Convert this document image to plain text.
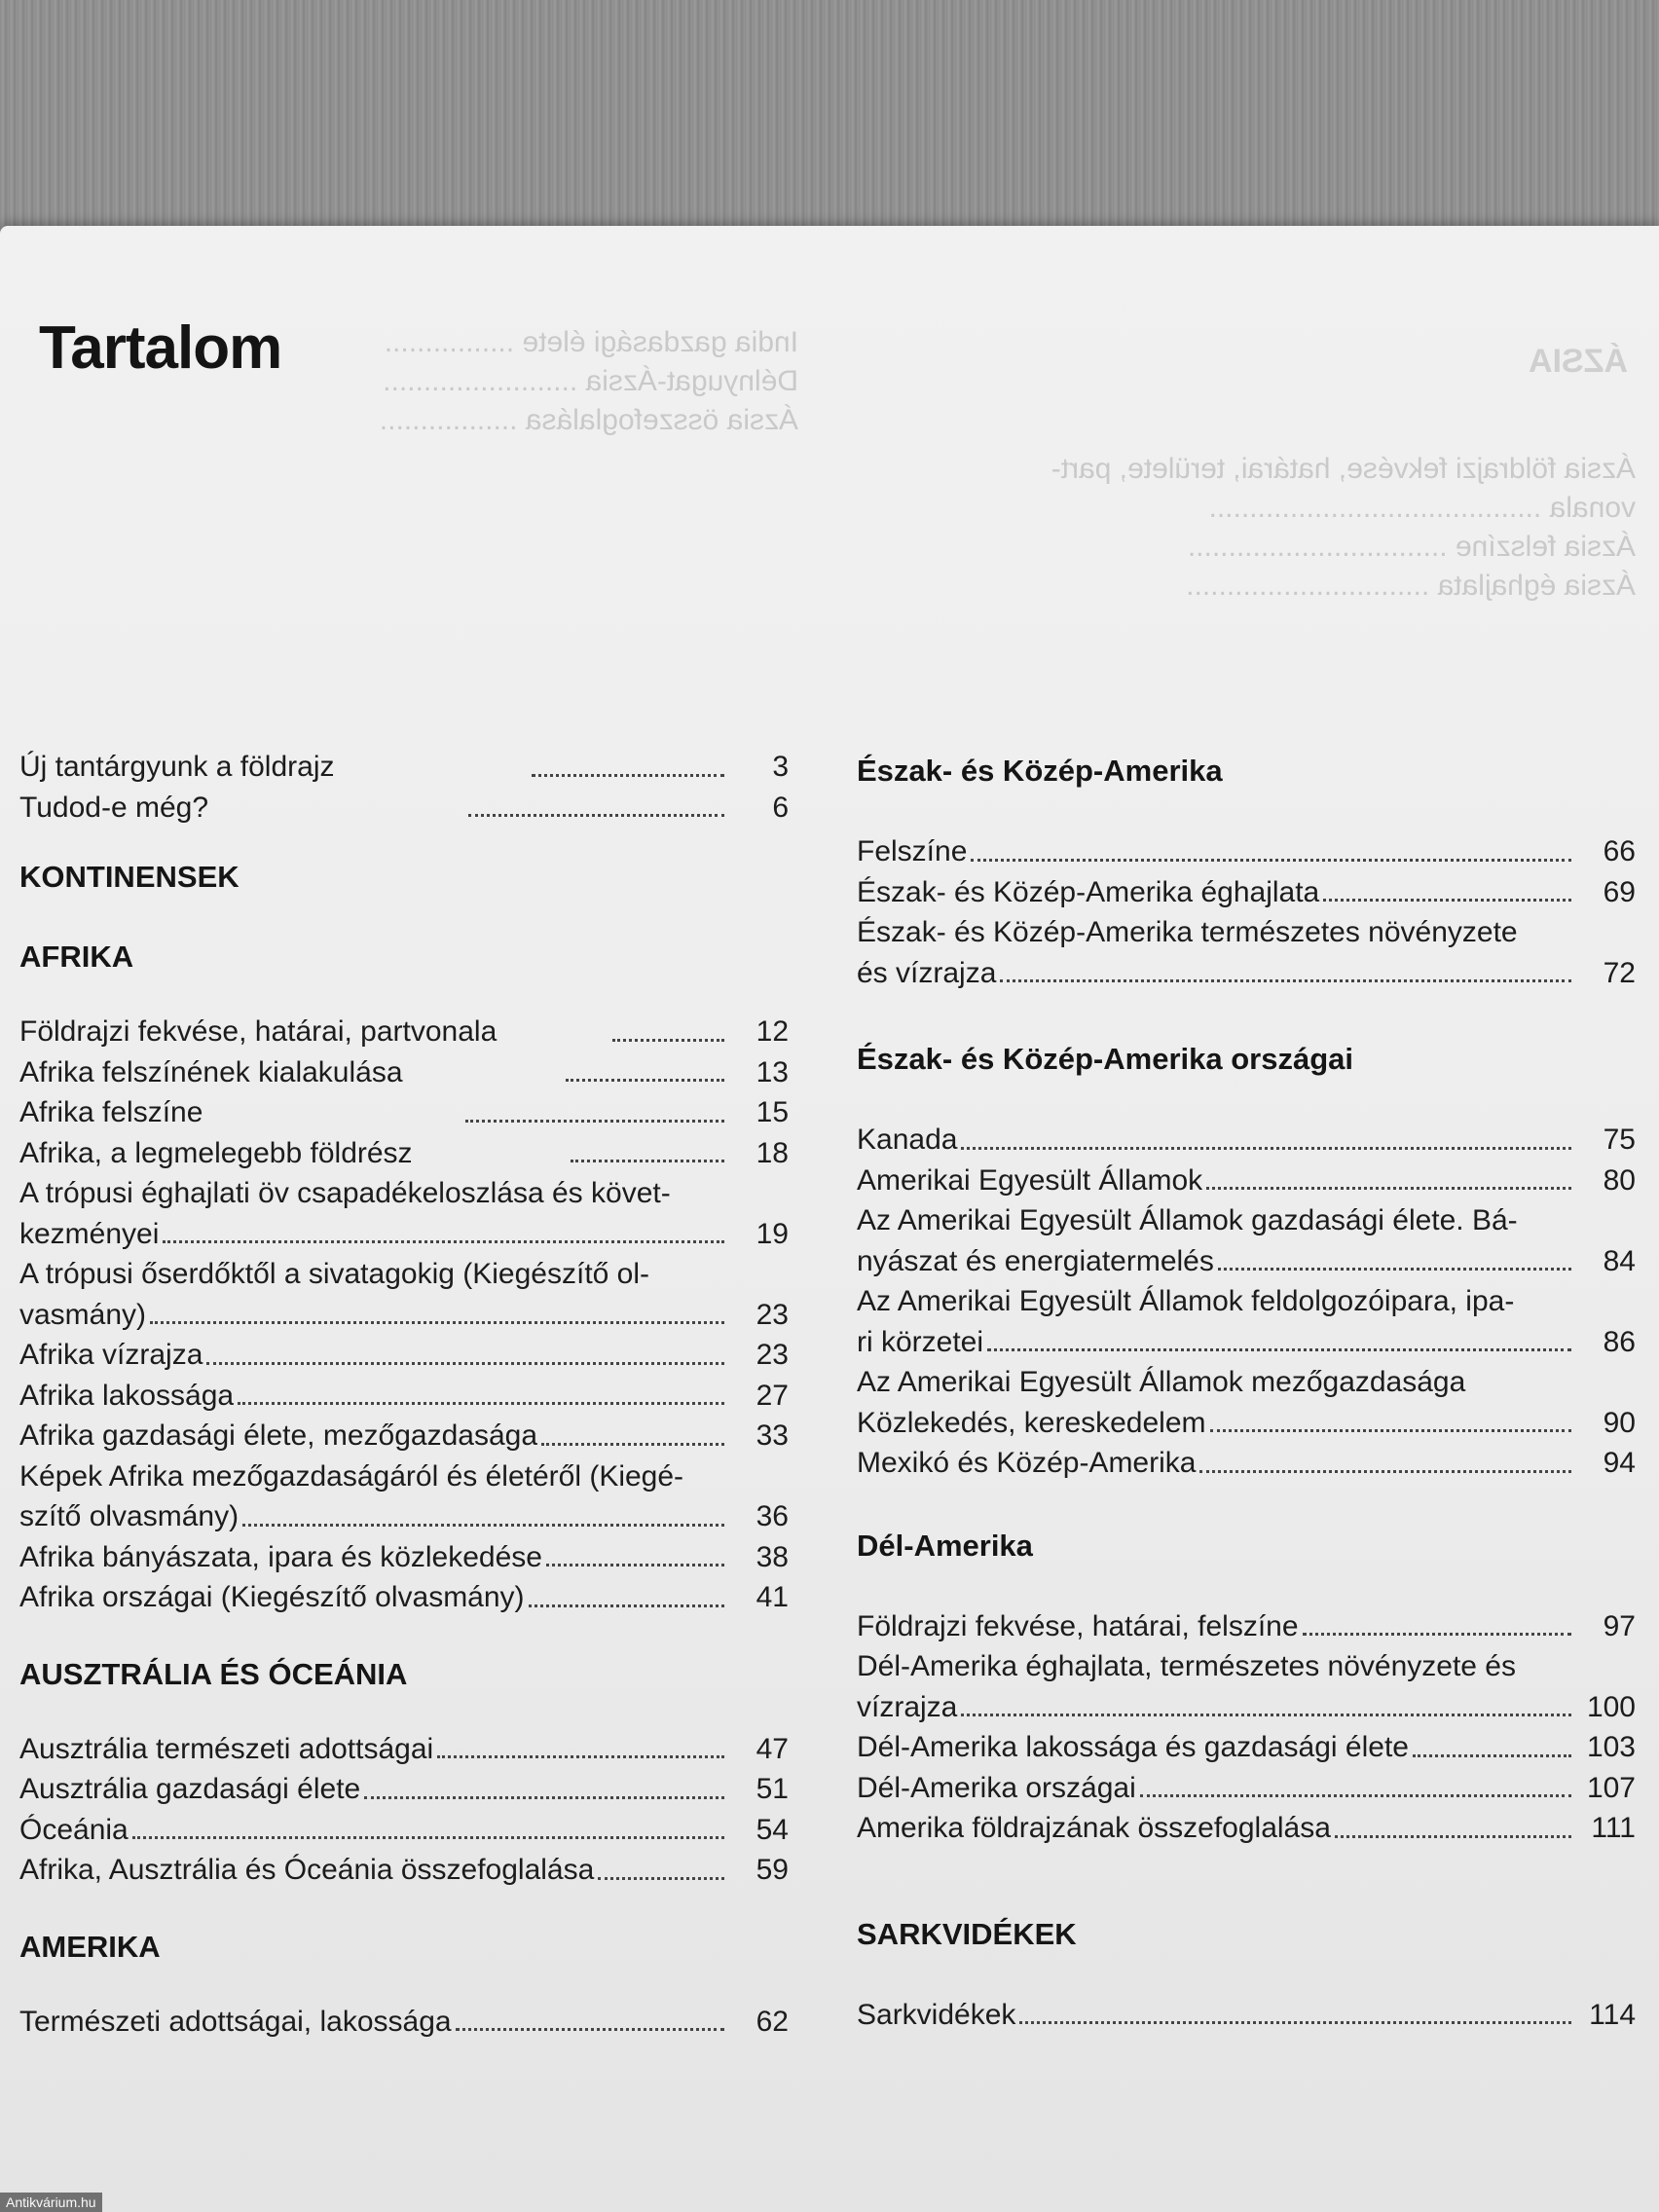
ÁZSIA
India gazdasági élete ................
Délnyugat-Ázsia ........................
Ázsia összefoglalása .................
Ázsia földrajzi fekvése, határai, területe, part-
vonala .........................................
Ázsia felszíne ................................
Ázsia éghajlata ..............................
Tartalom
Új tantárgyunk a földrajz	3
Tudod-e még?	6
KONTINENSEK
AFRIKA
Földrajzi fekvése, határai, partvonala	12
Afrika felszínének kialakulása	13
Afrika felszíne	15
Afrika, a legmelegebb földrész	18
A trópusi éghajlati öv csapadékeloszlása és követ-
kezményei	19
A trópusi őserdőktől a sivatagokig (Kiegészítő ol-
vasmány)	23
Afrika vízrajza	23
Afrika lakossága	27
Afrika gazdasági élete, mezőgazdasága	33
Képek Afrika mezőgazdaságáról és életéről (Kiegé-
szítő olvasmány)	36
Afrika bányászata, ipara és közlekedése	38
Afrika országai (Kiegészítő olvasmány)	41
AUSZTRÁLIA ÉS ÓCEÁNIA
Ausztrália természeti adottságai	47
Ausztrália gazdasági élete	51
Óceánia	54
Afrika, Ausztrália és Óceánia összefoglalása	59
AMERIKA
Természeti adottságai, lakossága	62
Észak- és Közép-Amerika
Felszíne	66
Észak- és Közép-Amerika éghajlata	69
Észak- és Közép-Amerika természetes növényzete
és vízrajza	72
Észak- és Közép-Amerika országai
Kanada	75
Amerikai Egyesült Államok	80
Az Amerikai Egyesült Államok gazdasági élete. Bá-
nyászat és energiatermelés	84
Az Amerikai Egyesült Államok feldolgozóipara, ipa-
ri körzetei	86
Az Amerikai Egyesült Államok mezőgazdasága
Közlekedés, kereskedelem	90
Mexikó és Közép-Amerika	94
Dél-Amerika
Földrajzi fekvése, határai, felszíne	97
Dél-Amerika éghajlata, természetes növényzete és
vízrajza	100
Dél-Amerika lakossága és gazdasági élete	103
Dél-Amerika országai	107
Amerika földrajzának összefoglalása	111
SARKVIDÉKEK
Sarkvidékek	114
Antikvárium.hu
